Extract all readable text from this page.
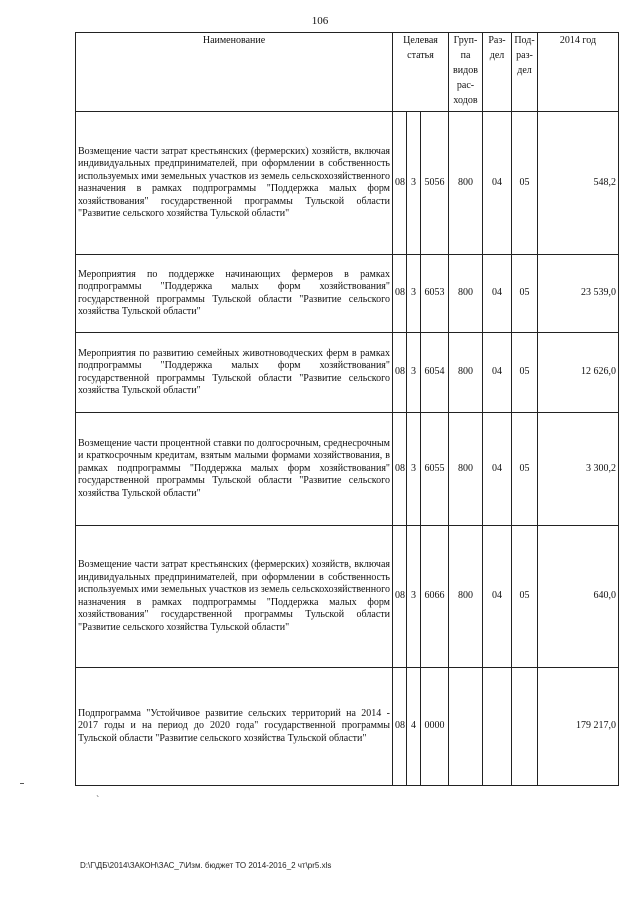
106
Наименование	Целевая статья			Груп-па видов рас-ходов	Раз-дел	Под-раз-дел	2014 год
Возмещение части затрат крестьянских (фермерских) хозяйств, включая индивидуальных предпринимателей, при оформлении в собственность используемых ими земельных участков из земель сельскохозяйственного назначения в рамках подпрограммы "Поддержка малых форм хозяйствования" государственной программы Тульской области "Развитие сельского хозяйства Тульской области"	08	3	5056	800	04	05	548,2
Мероприятия по поддержке начинающих фермеров в рамках подпрограммы "Поддержка малых форм хозяйствования" государственной программы Тульской области "Развитие сельского хозяйства Тульской области"	08	3	6053	800	04	05	23 539,0
Мероприятия по развитию семейных животноводческих ферм в рамках подпрограммы "Поддержка малых форм хозяйствования" государственной программы Тульской области "Развитие сельского хозяйства Тульской области"	08	3	6054	800	04	05	12 626,0
Возмещение части процентной ставки по долгосрочным, среднесрочным и краткосрочным кредитам, взятым малыми формами хозяйствования, в рамках подпрограммы "Поддержка малых форм хозяйствования" государственной программы Тульской области "Развитие сельского хозяйства Тульской области"	08	3	6055	800	04	05	3 300,2
Возмещение части затрат крестьянских (фермерских) хозяйств, включая индивидуальных предпринимателей, при оформлении в собственность используемых ими земельных участков из земель сельскохозяйственного назначения в рамках подпрограммы "Поддержка малых форм хозяйствования" государственной программы Тульской области "Развитие сельского хозяйства Тульской области"	08	3	6066	800	04	05	640,0
Подпрограмма "Устойчивое развитие сельских территорий на 2014 - 2017 годы и на период до 2020 года" государственной программы Тульской области "Развитие сельского хозяйства Тульской области"	08	4	0000				179 217,0
`
D:\Г\ДБ\2014\ЗАКОН\ЗАС_7\Изм. бюджет ТО 2014-2016_2 чт\pr5.xls
